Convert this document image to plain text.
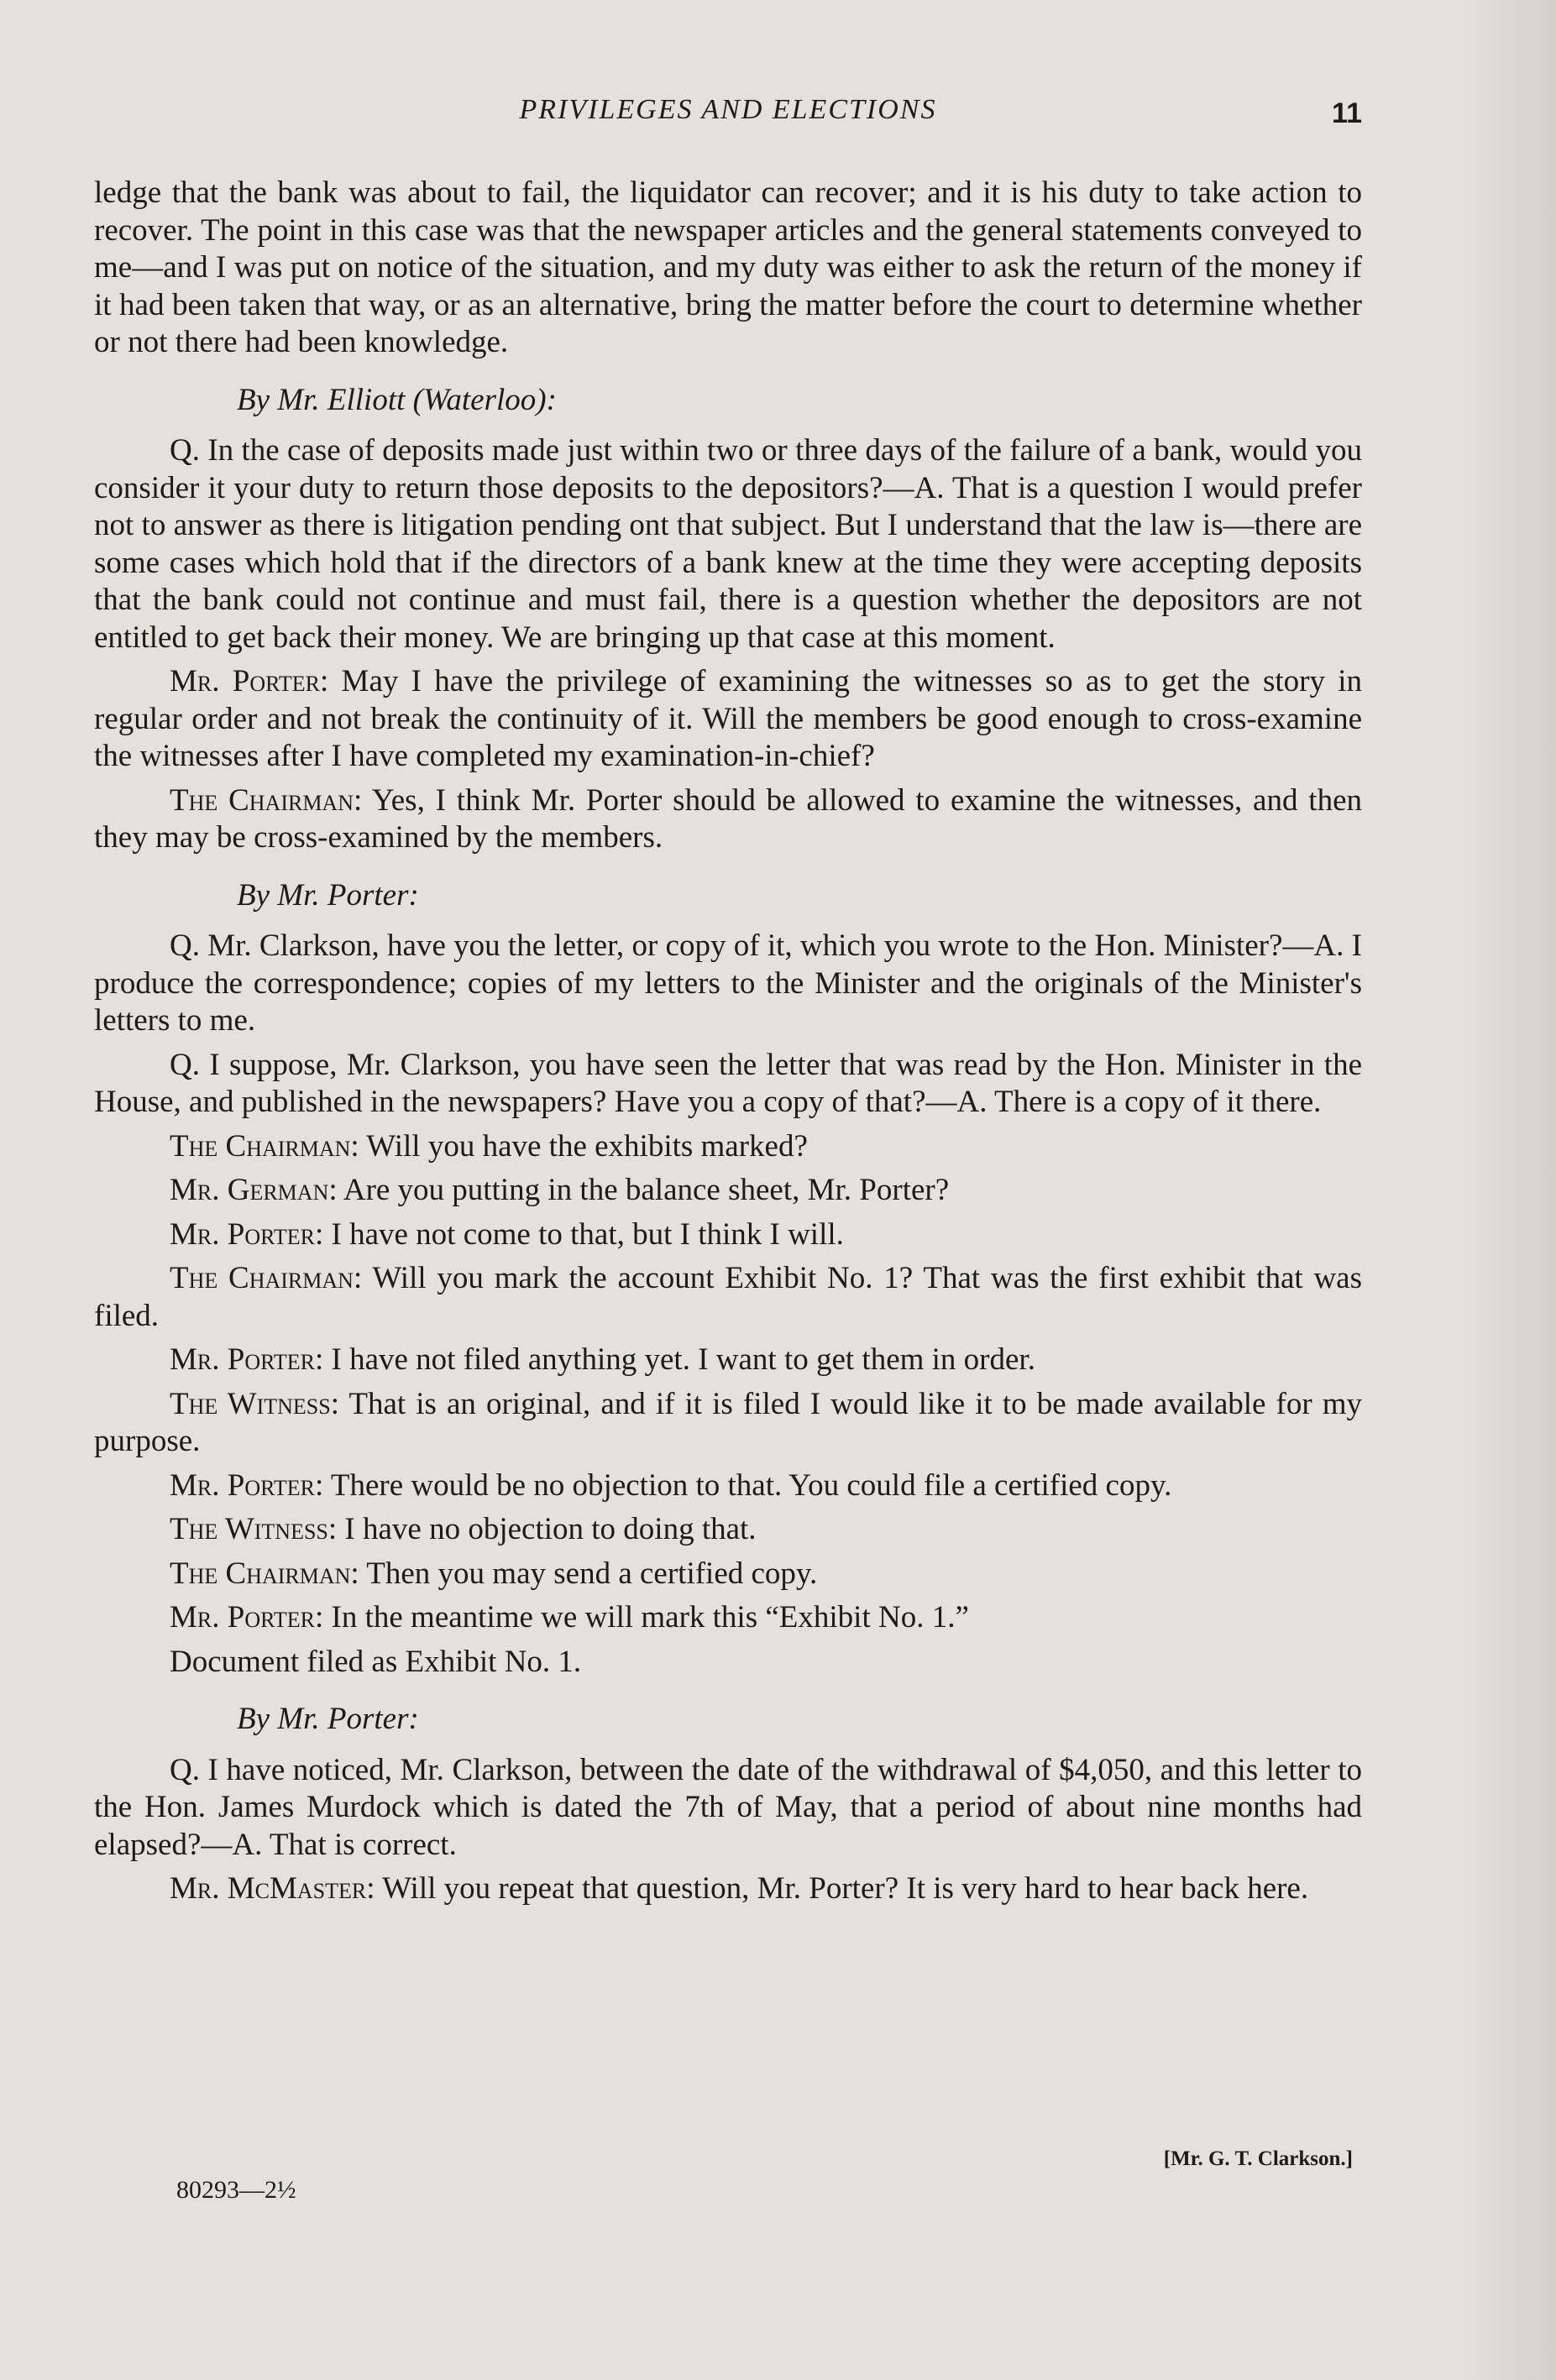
PRIVILEGES AND ELECTIONS	11

ledge that the bank was about to fail, the liquidator can recover; and it is his duty to take action to recover. The point in this case was that the newspaper articles and the general statements conveyed to me—and I was put on notice of the situation, and my duty was either to ask the return of the money if it had been taken that way, or as an alternative, bring the matter before the court to determine whether or not there had been knowledge.

By Mr. Elliott (Waterloo):

Q. In the case of deposits made just within two or three days of the failure of a bank, would you consider it your duty to return those deposits to the depositors?—A. That is a question I would prefer not to answer as there is litigation pending ont that subject. But I understand that the law is—there are some cases which hold that if the directors of a bank knew at the time they were accepting deposits that the bank could not continue and must fail, there is a question whether the depositors are not entitled to get back their money. We are bringing up that case at this moment.

Mr. Porter: May I have the privilege of examining the witnesses so as to get the story in regular order and not break the continuity of it. Will the members be good enough to cross-examine the witnesses after I have completed my examination-in-chief?

The Chairman: Yes, I think Mr. Porter should be allowed to examine the witnesses, and then they may be cross-examined by the members.

By Mr. Porter:

Q. Mr. Clarkson, have you the letter, or copy of it, which you wrote to the Hon. Minister?—A. I produce the correspondence; copies of my letters to the Minister and the originals of the Minister's letters to me.

Q. I suppose, Mr. Clarkson, you have seen the letter that was read by the Hon. Minister in the House, and published in the newspapers? Have you a copy of that?—A. There is a copy of it there.

The Chairman: Will you have the exhibits marked?

Mr. German: Are you putting in the balance sheet, Mr. Porter?

Mr. Porter: I have not come to that, but I think I will.

The Chairman: Will you mark the account Exhibit No. 1? That was the first exhibit that was filed.

Mr. Porter: I have not filed anything yet. I want to get them in order.

The Witness: That is an original, and if it is filed I would like it to be made available for my purpose.

Mr. Porter: There would be no objection to that. You could file a certified copy.

The Witness: I have no objection to doing that.

The Chairman: Then you may send a certified copy.

Mr. Porter: In the meantime we will mark this “Exhibit No. 1.”

Document filed as Exhibit No. 1.

By Mr. Porter:

Q. I have noticed, Mr. Clarkson, between the date of the withdrawal of $4,050, and this letter to the Hon. James Murdock which is dated the 7th of May, that a period of about nine months had elapsed?—A. That is correct.

Mr. McMaster: Will you repeat that question, Mr. Porter? It is very hard to hear back here.

[Mr. G. T. Clarkson.]
80293—2½
